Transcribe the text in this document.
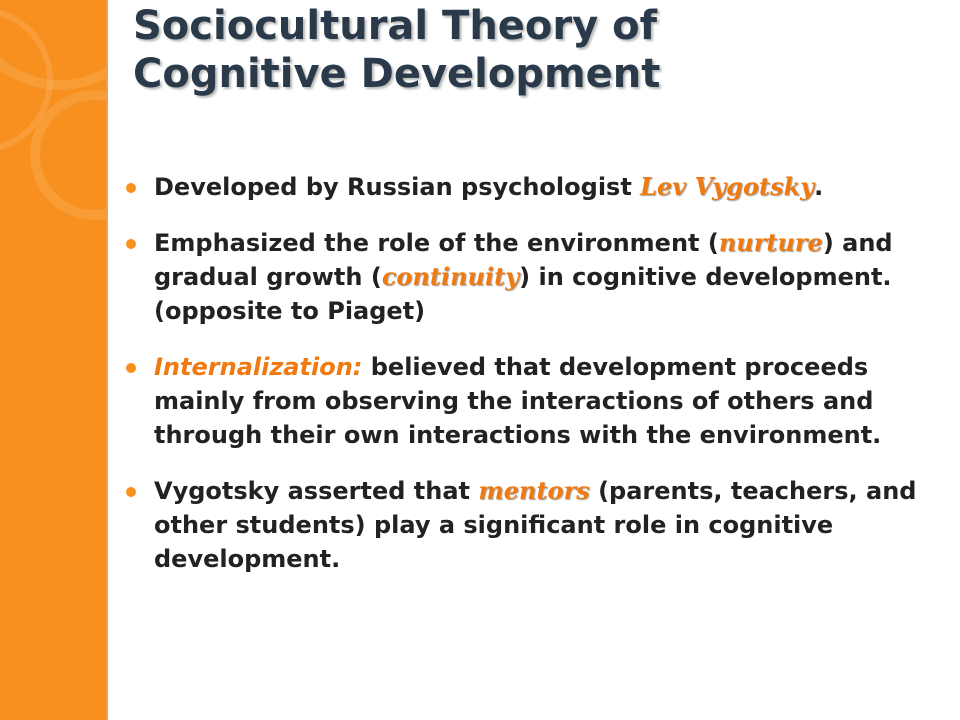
Sociocultural Theory of
Cognitive Development
Developed by Russian psychologist Lev Vygotsky.
Emphasized the role of the environment (nurture) and gradual growth (continuity) in cognitive development. (opposite to Piaget)
Internalization: believed that development proceeds mainly from observing the interactions of others and through their own interactions with the environment.
Vygotsky asserted that mentors (parents, teachers, and other students) play a significant role in cognitive development.
